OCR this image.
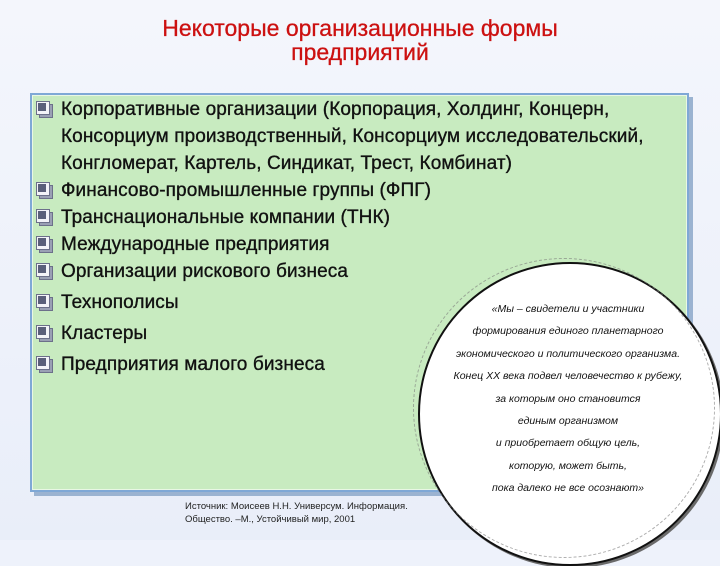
Некоторые организационные формы
предприятий
Корпоративные организации (Корпорация, Холдинг, Концерн, Консорциум производственный, Консорциум исследовательский, Конгломерат, Картель, Синдикат, Трест, Комбинат)
Финансово-промышленные группы (ФПГ)
Транснациональные компании (ТНК)
Международные предприятия
Организации рискового бизнеса
Технополисы
Кластеры
Предприятия малого бизнеса
Источник: Моисеев Н.Н. Универсум. Информация.
Общество. –М., Устойчивый мир, 2001
«Мы – свидетели и участники
формирования единого планетарного
экономического и политического организма.
Конец XX века подвел человечество к рубежу,
за которым оно становится
единым организмом
и приобретает общую цель,
которую, может быть,
пока далеко не все осознают»
